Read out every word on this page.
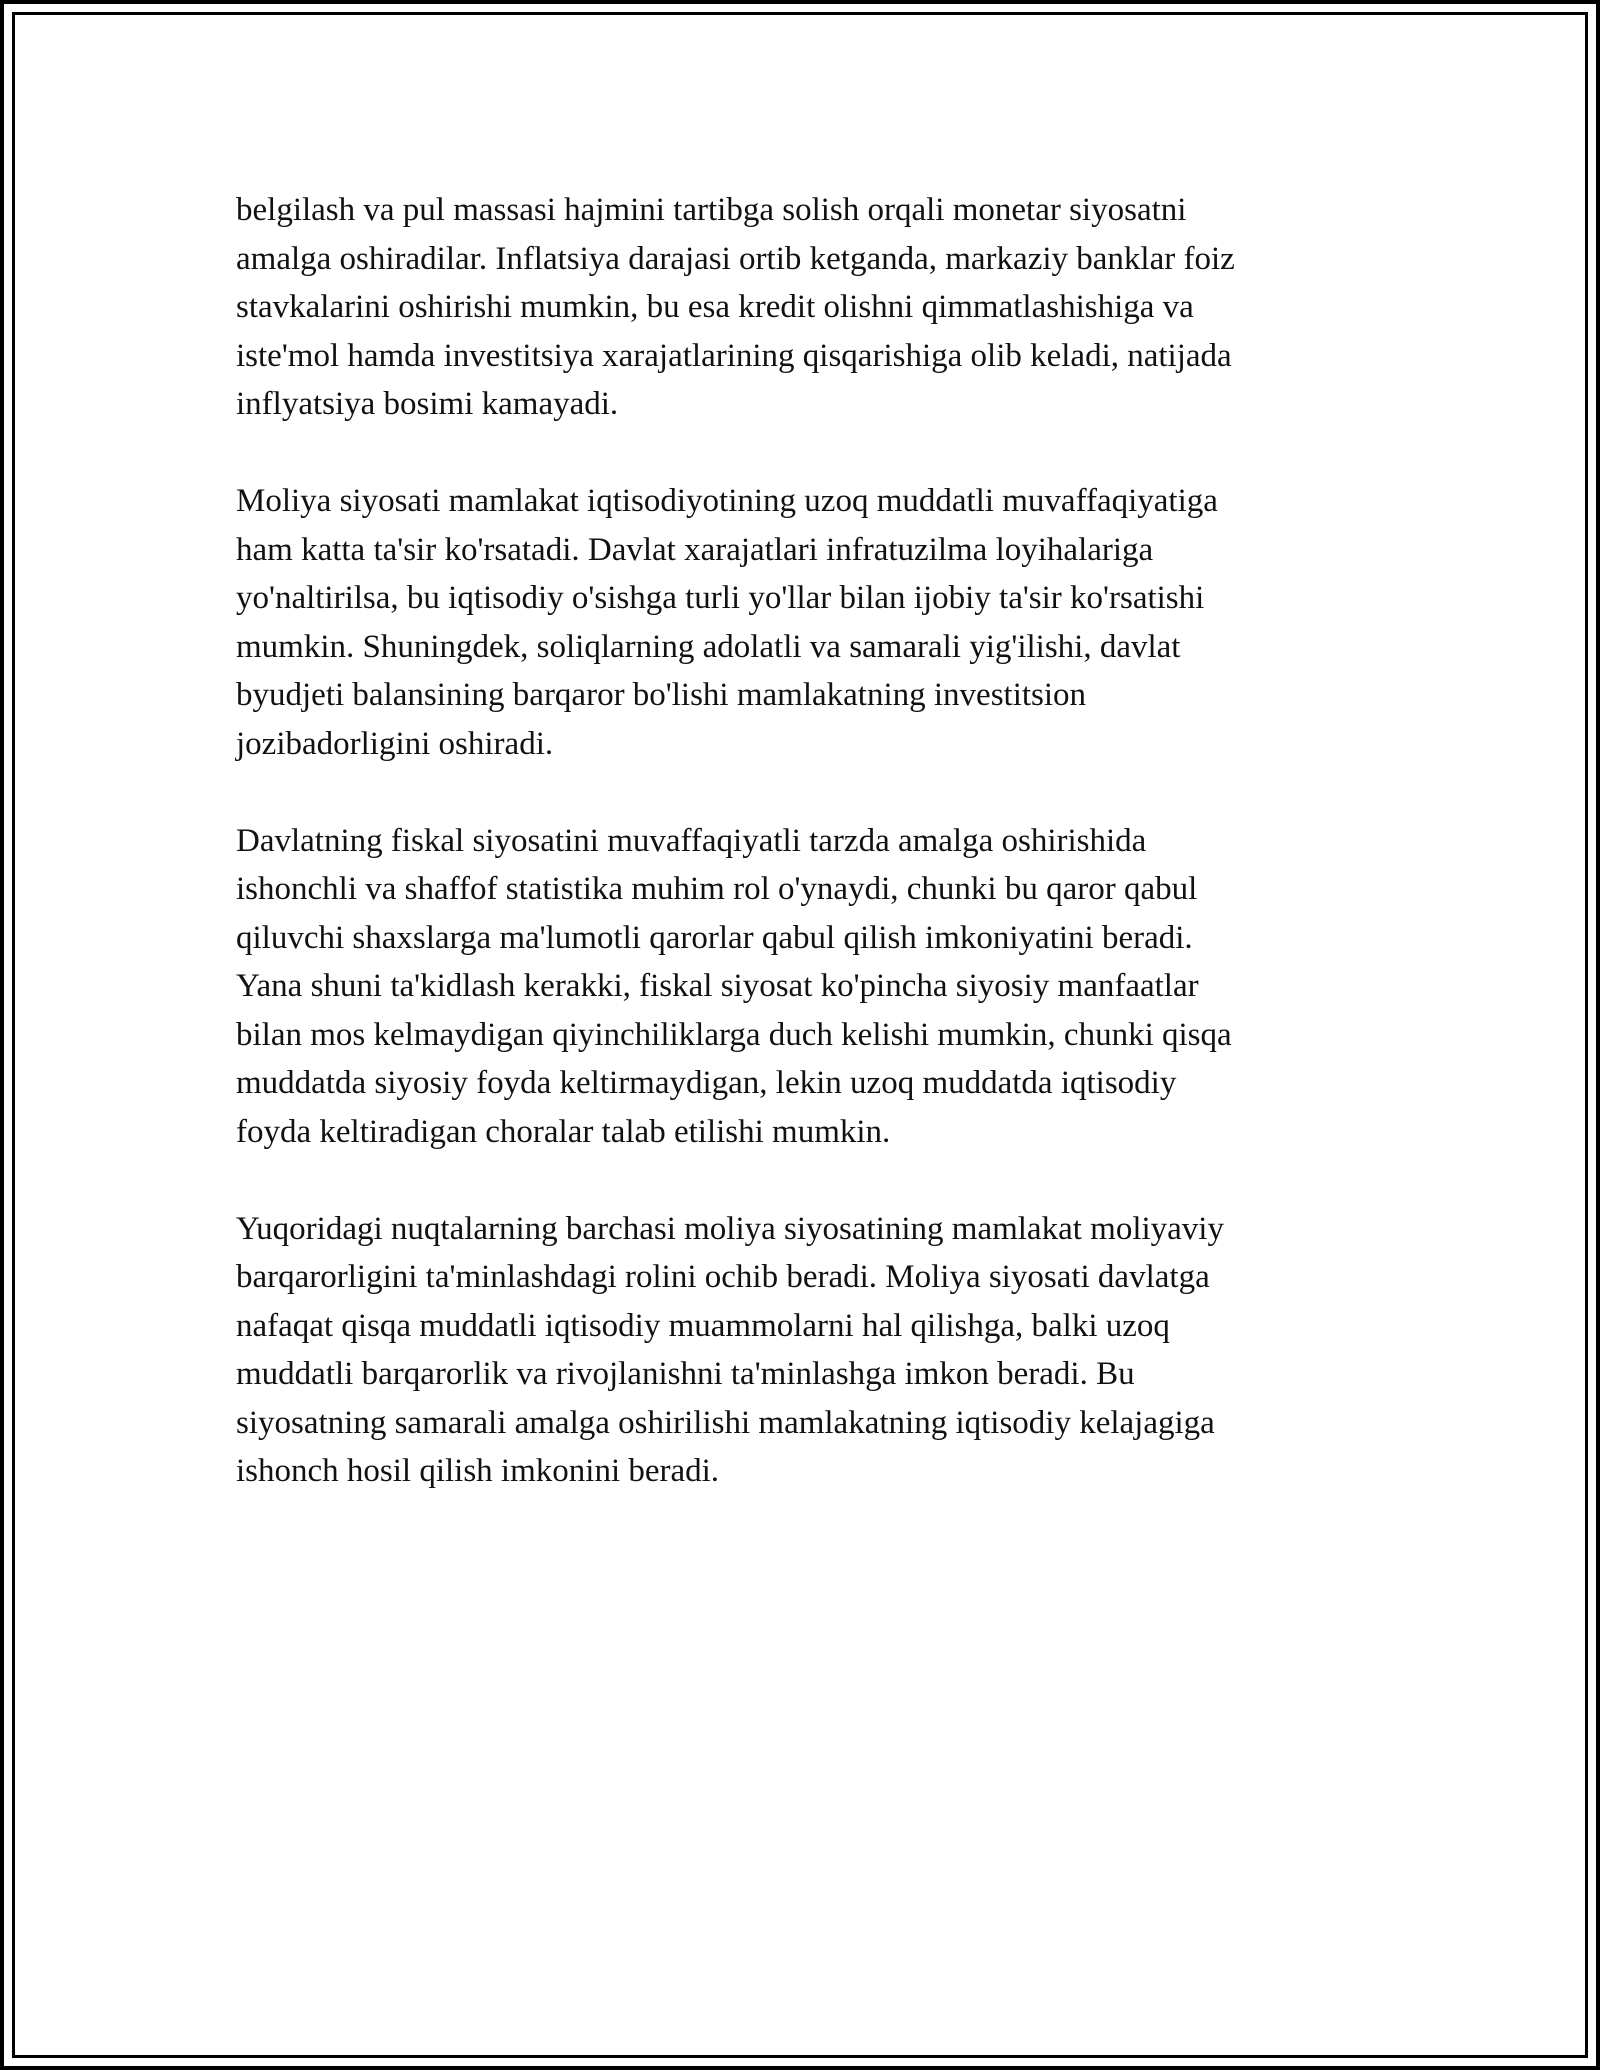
belgilash va pul massasi hajmini tartibga solish orqali monetar siyosatni
amalga oshiradilar. Inflatsiya darajasi ortib ketganda, markaziy banklar foiz
stavkalarini oshirishi mumkin, bu esa kredit olishni qimmatlashishiga va
iste'mol hamda investitsiya xarajatlarining qisqarishiga olib keladi, natijada
inflyatsiya bosimi kamayadi.

Moliya siyosati mamlakat iqtisodiyotining uzoq muddatli muvaffaqiyatiga
ham katta ta'sir ko'rsatadi. Davlat xarajatlari infratuzilma loyihalariga
yo'naltirilsa, bu iqtisodiy o'sishga turli yo'llar bilan ijobiy ta'sir ko'rsatishi
mumkin. Shuningdek, soliqlarning adolatli va samarali yig'ilishi, davlat
byudjeti balansining barqaror bo'lishi mamlakatning investitsion
jozibadorligini oshiradi.

Davlatning fiskal siyosatini muvaffaqiyatli tarzda amalga oshirishida
ishonchli va shaffof statistika muhim rol o'ynaydi, chunki bu qaror qabul
qiluvchi shaxslarga ma'lumotli qarorlar qabul qilish imkoniyatini beradi.
Yana shuni ta'kidlash kerakki, fiskal siyosat ko'pincha siyosiy manfaatlar
bilan mos kelmaydigan qiyinchiliklarga duch kelishi mumkin, chunki qisqa
muddatda siyosiy foyda keltirmaydigan, lekin uzoq muddatda iqtisodiy
foyda keltiradigan choralar talab etilishi mumkin.

Yuqoridagi nuqtalarning barchasi moliya siyosatining mamlakat moliyaviy
barqarorligini ta'minlashdagi rolini ochib beradi. Moliya siyosati davlatga
nafaqat qisqa muddatli iqtisodiy muammolarni hal qilishga, balki uzoq
muddatli barqarorlik va rivojlanishni ta'minlashga imkon beradi. Bu
siyosatning samarali amalga oshirilishi mamlakatning iqtisodiy kelajagiga
ishonch hosil qilish imkonini beradi.
